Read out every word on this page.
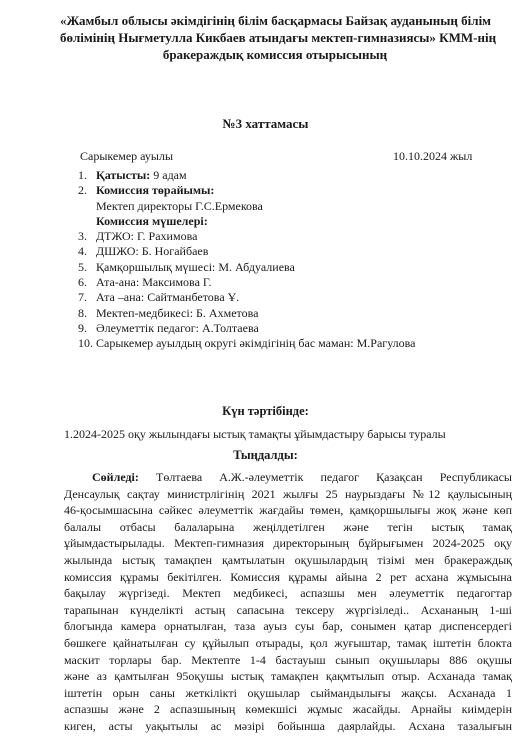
«Жамбыл облысы әкімдігінің білім басқармасы Байзақ ауданының білім
бөлімінің Нығметулла Кикбаев атындағы мектеп-гимназиясы» КММ-нің
бракераждық комиссия отырысының
№3 хаттамасы
Сарыкемер ауылы	10.10.2024 жыл
1. Қатысты: 9 адам
2. Комиссия төрайымы:
Мектеп директоры Г.С.Ермекова
Комиссия мүшелері:
3. ДТЖО: Г. Рахимова
4. ДШЖО: Б. Ногайбаев
5. Қамқоршылық мүшесі: М. Абдуалиева
6. Ата-ана: Максимова Г.
7. Ата –ана: Сайтманбетова Ұ.
8. Мектеп-медбикесі: Б. Ахметова
9. Әлеуметтік педагог: А.Толтаева
10. Сарыкемер ауылдың округі әкімдігінің бас маман: М.Рагулова
Күн тәртібінде:
1.2024-2025 оқу жылындағы ыстық тамақты ұйымдастыру барысы туралы
Тыңдалды:
Сөйледі: Төлтаева А.Ж.-әлеуметтік педагог Қазақсан Республикасы
Денсаулық сақтау министрлігінің 2021 жылғы 25 наурыздағы №12 қаулысының
46-қосымшасына сәйкес әлеуметтік жағдайы төмен, қамқоршылығы жоқ және көп
балалы отбасы балаларына жеңілдетілген және тегін ыстық тамақ
ұйымдастырылады. Мектеп-гимназия директорының бұйрығымен 2024-2025 оқу
жылында ыстық тамақпен қамтылатын оқушылардың тізімі мен бракераждық
комиссия құрамы бекітілген. Комиссия құрамы айына 2 рет асхана жұмысына
бақылау жүргізеді. Мектеп медбикесі, аспазшы мен әлеуметтік педагогтар
тарапынан күнделікті астың сапасына тексеру жүргізіледі.. Асхананың 1-ші
блогында камера орнатылған, таза ауыз суы бар, сонымен қатар диспенсердегі
бөшкеге қайнатылған су құйылып отырады, қол жуғыштар, тамақ іштетін блокта
маскит торлары бар. Мектепте 1-4 бастауыш сынып оқушылары 886 оқушы
және аз қамтылған 95оқушы ыстық тамақпен қақмтылып отыр. Асханада тамақ
іштетін орын саны жеткілікті оқушылар сыймандылығы жақсы. Асханада 1
аспазшы және 2 аспазшының көмекшісі жұмыс жасайды. Арнайы киімдерін
киген, асты уақытылы ас мәзірі бойынша даярлайды. Асхана тазалығын
